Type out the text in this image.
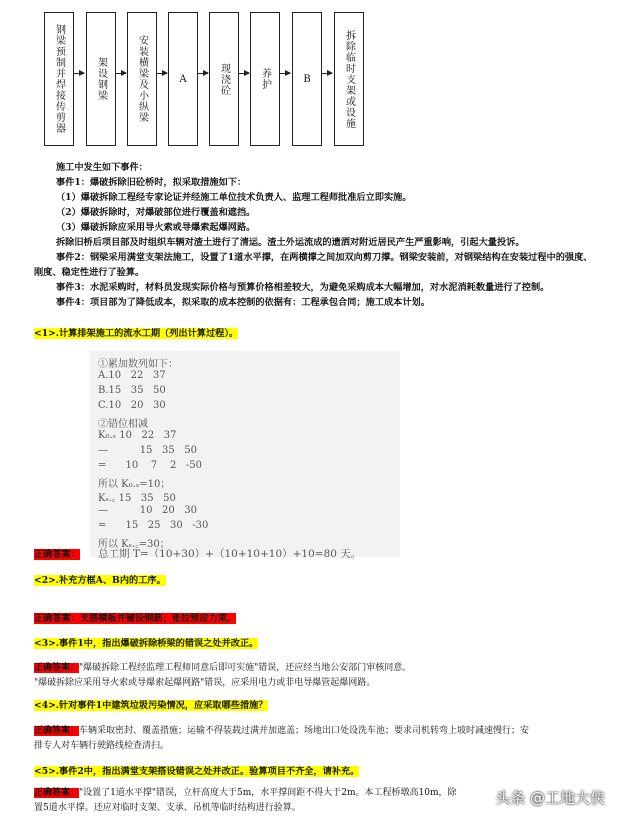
钢梁预制并焊接传剪器	架设钢梁	安装横梁及小纵梁	A	现浇砼	养护	B	拆除临时支架或设施
施工中发生如下事件：
事件1：爆破拆除旧砼桥时，拟采取措施如下：
（1）爆破拆除工程经专家论证并经施工单位技术负责人、监理工程师批准后立即实施。
（2）爆破拆除时，对爆破部位进行覆盖和遮挡。
（3）爆破拆除应采用导火索或导爆索起爆网路。
拆除旧桥后项目部及时组织车辆对渣土进行了清运。渣土外运流成的遗洒对附近居民产生严重影响，引起大量投诉。
事件2：钢梁采用满堂支架法施工，设置了1道水平撑，在两横撑之间加双向剪刀撑。钢梁安装前，对钢梁结构在安装过程中的强度、刚度、稳定性进行了验算。
事件3：水泥采购时，材料员发现实际价格与预算价格相差较大，为避免采购成本大幅增加，对水泥消耗数量进行了控制。
事件4：项目部为了降低成本，拟采取的成本控制的依据有：工程承包合同；施工成本计划。
<1>.计算排架施工的流水工期（列出计算过程）。
①累加数列如下：
A.10   22   37
B.15   35   50
C.10   20   30
②错位相减
K₀.ₛ 10   22   37
—          15   35   50
=      10    7    2   -50
所以 K₀.ₛ=10；
Kₛ.꜀ 15   35   50
—          10   20   30
=      15   25   30   -30
所以 Kₛ.꜀=30；
总工期 T=（10+30）+（10+10+10）+10=80 天。
正确答案：
<2>.补充方框A、B内的工序。
正确答案：支搭模板并铺设钢筋；张拉预应力束。
<3>.事件1中，指出爆破拆除桥梁的错误之处并改正。
正确答案："爆破拆除工程经监理工程师同意后即可实施"错误，还应经当地公安部门审核同意。
"爆破拆除应采用导火索或导爆索起爆网路"错误，应采用电力或非电导爆管起爆网路。
<4>.针对事件1中建筑垃圾污染情况，应采取哪些措施？
正确答案：车辆采取密封、覆盖措施；运输不得装载过满并加遮盖；场地出口处设洗车池；要求司机转弯上坡时减速慢行；安
排专人对车辆行驶路线检查清扫。
<5>.事件2中，指出满堂支架搭设错误之处并改正。验算项目不齐全，请补充。
正确答案："设置了1道水平撑"错误，立杆高度大于5m，水平撑间距不得大于2m。本工程桥墩高10m，除
置5道水平撑。还应对临时支架、支承、吊机等临时结构进行验算。
头条 @工地大侠
